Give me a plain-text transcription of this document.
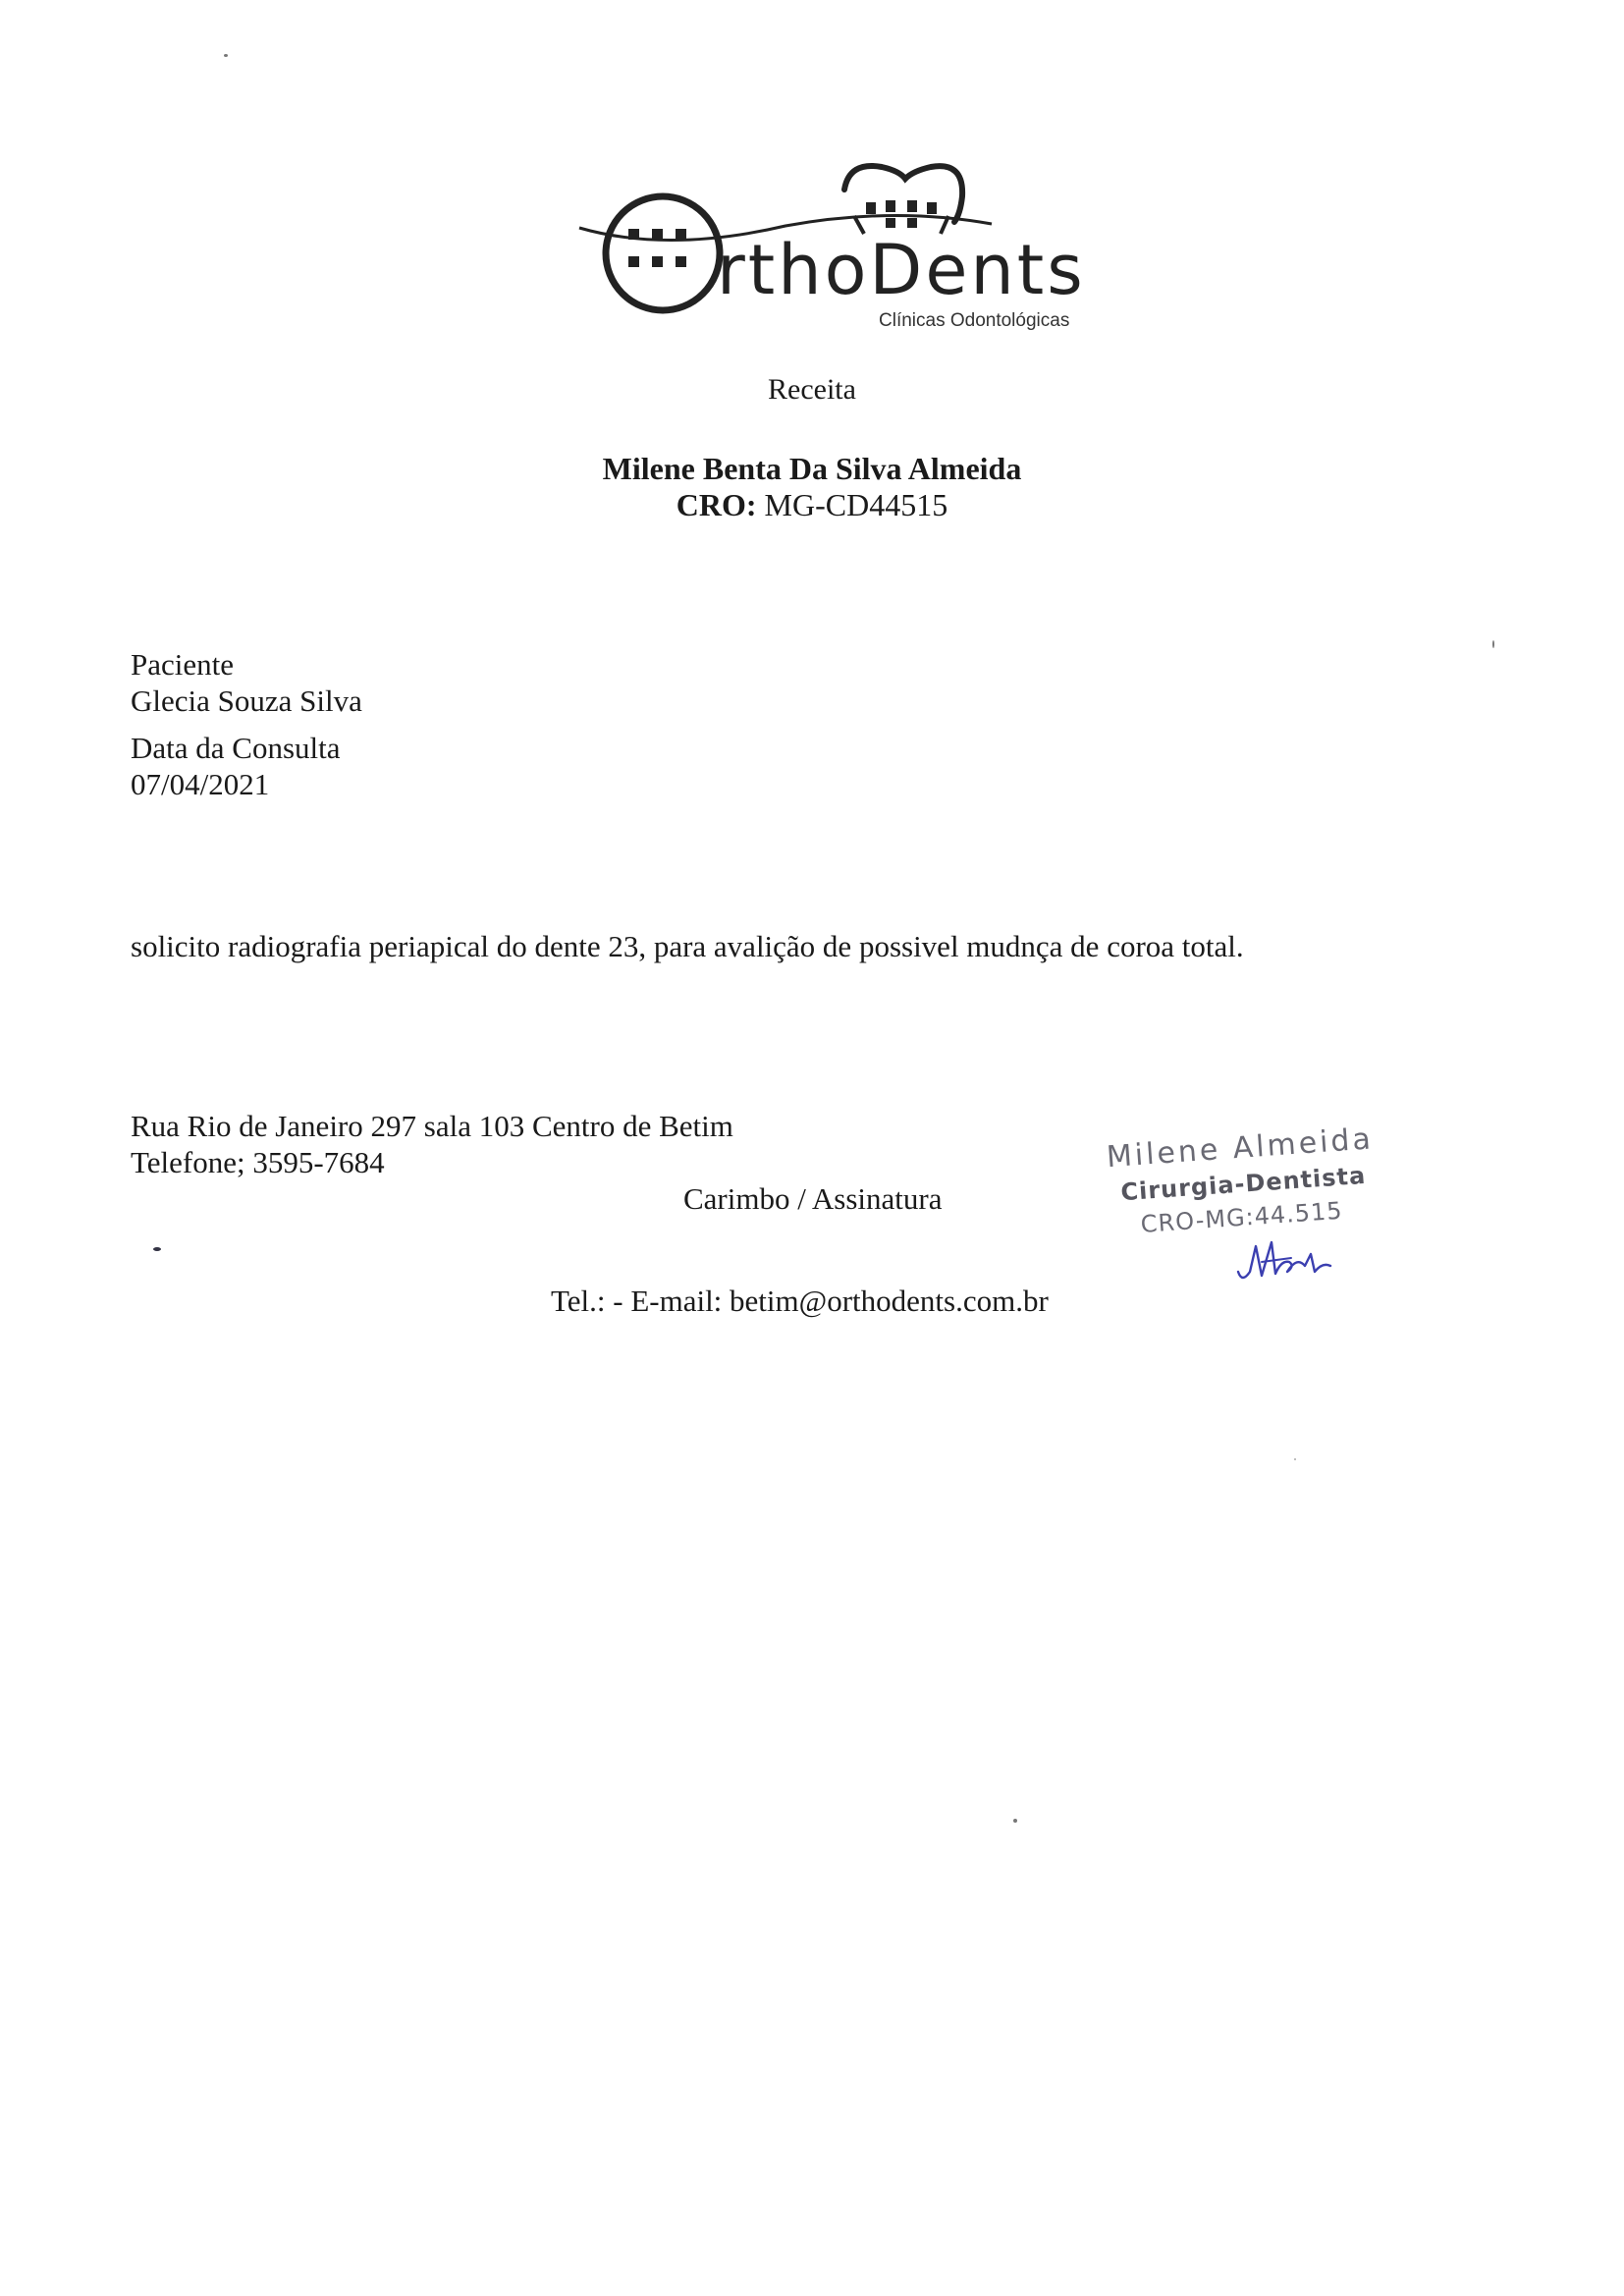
rthoDents
Clínicas Odontológicas
Receita
Milene Benta Da Silva Almeida
CRO: MG-CD44515
Paciente
Glecia Souza Silva
Data da Consulta
07/04/2021
solicito radiografia periapical do dente 23, para avalição de possivel mudnça de coroa total.
Rua Rio de Janeiro 297 sala 103 Centro de Betim
Telefone; 3595-7684
Carimbo / Assinatura
Tel.: - E-mail: betim@orthodents.com.br
Milene Almeida
Cirurgia-Dentista
CRO-MG:44.515
